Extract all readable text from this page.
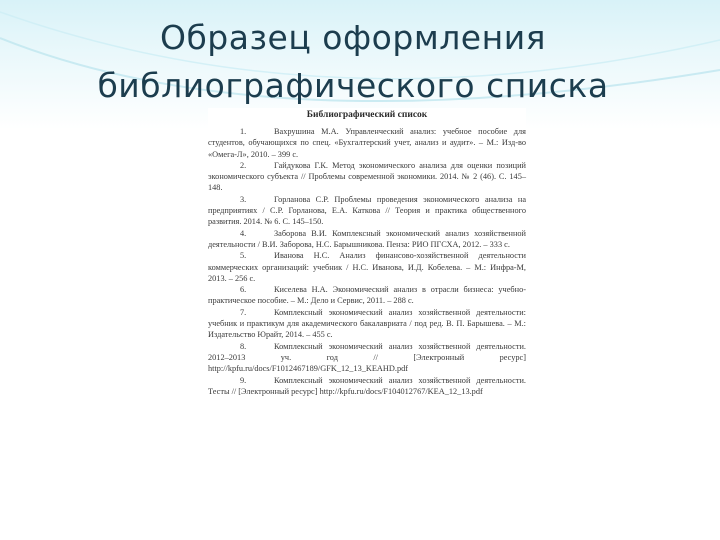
Образец оформления
библиографического списка
Библиографический список
1.	Вахрушина М.А. Управленческий анализ: учебное пособие для студентов, обучающихся по спец. «Бухгалтерский учет, анализ и аудит». – М.: Изд-во «Омега-Л», 2010. – 399 с.
2.	Гайдукова Г.К. Метод экономического анализа для оценки позиций экономического субъекта // Проблемы современной экономики. 2014. № 2 (46). С. 145–148.
3.	Горланова С.Р. Проблемы проведения экономического анализа на предприятиях / С.Р. Горланова, Е.А. Каткова // Теория и практика общественного развития. 2014. № 6. С. 145–150.
4.	Заборова В.И. Комплексный экономический анализ хозяйственной деятельности / В.И. Заборова, Н.С. Барышникова. Пенза: РИО ПГСХА, 2012. – 333 с.
5.	Иванова Н.С. Анализ финансово-хозяйственной деятельности коммерческих организаций: учебник / Н.С. Иванова, И.Д. Кобелева. – М.: Инфра-М, 2013. – 256 с.
6.	Киселева Н.А. Экономический анализ в отрасли бизнеса: учебно-практическое пособие. – М.: Дело и Сервис, 2011. – 288 с.
7.	Комплексный экономический анализ хозяйственной деятельности: учебник и практикум для академического бакалавриата / под ред. В. П. Барышева. – М.: Издательство Юрайт, 2014. – 455 с.
8.	Комплексный экономический анализ хозяйственной деятельности. 2012–2013 уч. год // [Электронный ресурс] http://kpfu.ru/docs/F1012467189/GFK_12_13_KEAHD.pdf
9.	Комплексный экономический анализ хозяйственной деятельности. Тесты // [Электронный ресурс] http://kpfu.ru/docs/F104012767/KEA_12_13.pdf
